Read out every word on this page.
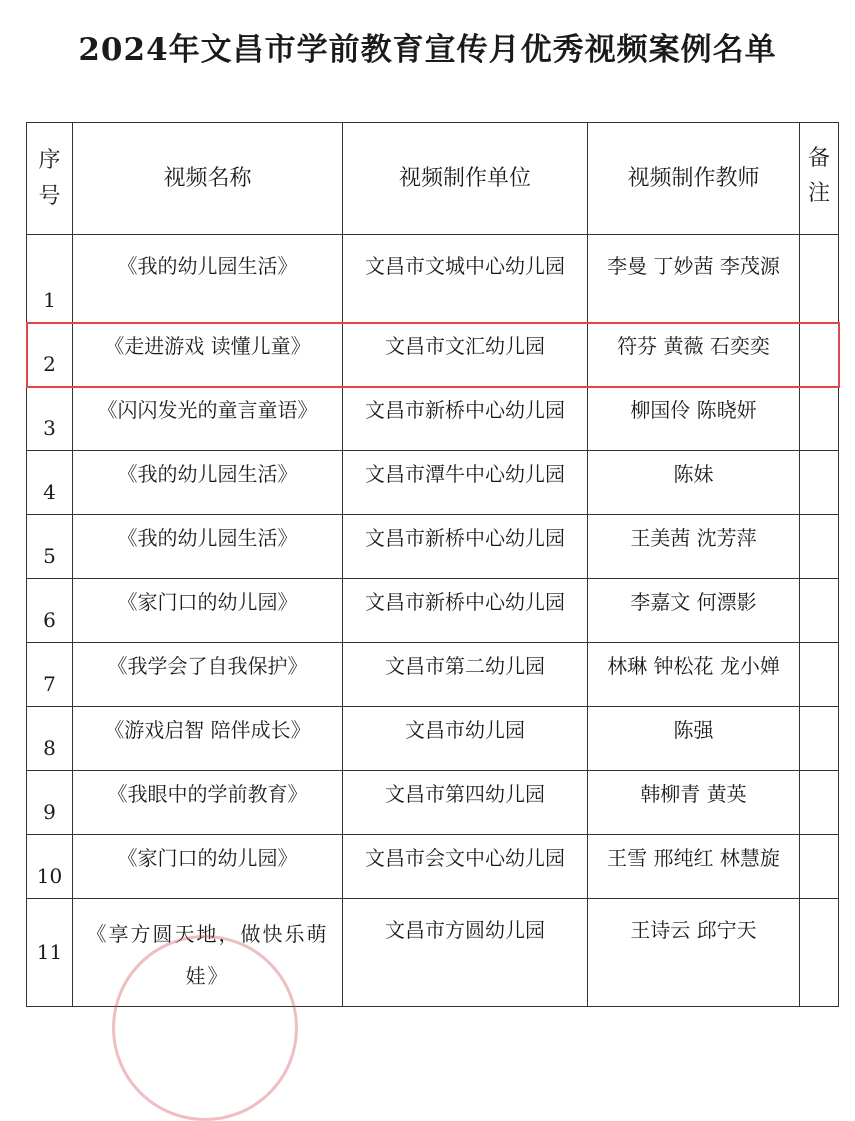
2024年文昌市学前教育宣传月优秀视频案例名单
序号	视频名称	视频制作单位	视频制作教师	备注
1	《我的幼儿园生活》	文昌市文城中心幼儿园	李曼 丁妙茜 李茂源	
2	《走进游戏 读懂儿童》	文昌市文汇幼儿园	符芬 黄薇 石奕奕	
3	《闪闪发光的童言童语》	文昌市新桥中心幼儿园	柳国伶 陈晓妍	
4	《我的幼儿园生活》	文昌市潭牛中心幼儿园	陈妹	
5	《我的幼儿园生活》	文昌市新桥中心幼儿园	王美茜 沈芳萍	
6	《家门口的幼儿园》	文昌市新桥中心幼儿园	李嘉文 何漂影	
7	《我学会了自我保护》	文昌市第二幼儿园	林琳 钟松花 龙小婵	
8	《游戏启智 陪伴成长》	文昌市幼儿园	陈强	
9	《我眼中的学前教育》	文昌市第四幼儿园	韩柳青 黄英	
10	《家门口的幼儿园》	文昌市会文中心幼儿园	王雪 邢纯红 林慧旋	
11	《享方圆天地，做快乐萌娃》	文昌市方圆幼儿园	王诗云 邱宁天	
